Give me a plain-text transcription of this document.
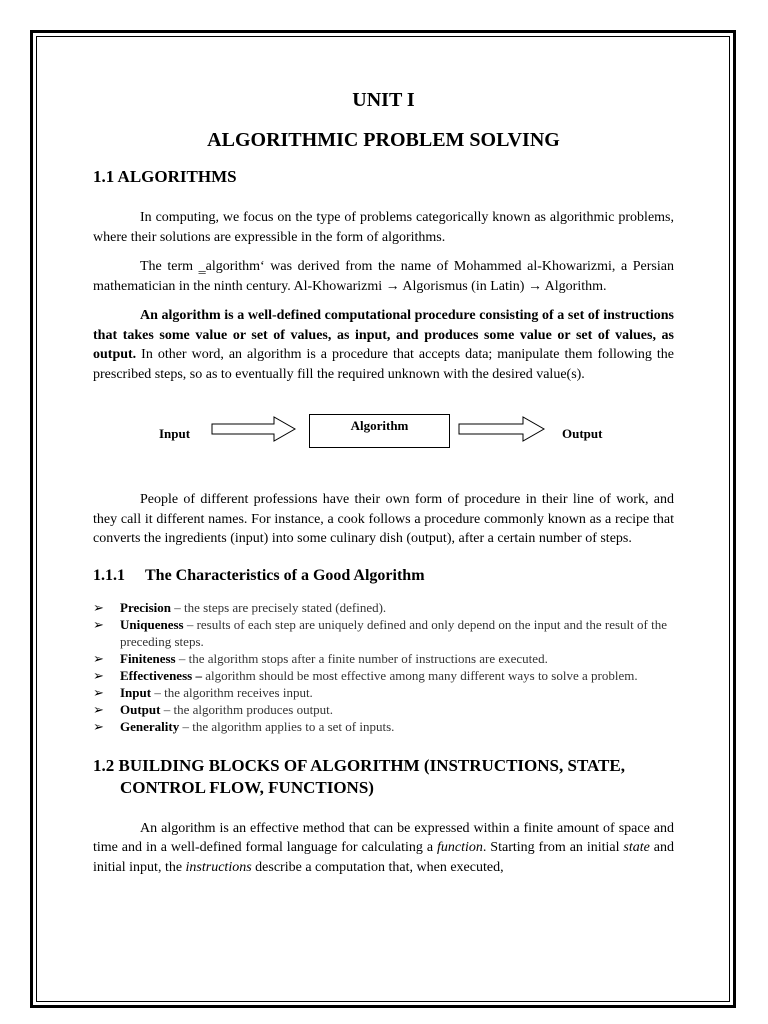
UNIT I
ALGORITHMIC PROBLEM SOLVING
1.1 ALGORITHMS

In computing, we focus on the type of problems categorically known as algorithmic problems, where their solutions are expressible in the form of algorithms.

The term ‗algorithm‘ was derived from the name of Mohammed al-Khowarizmi, a Persian mathematician in the ninth century. Al-Khowarizmi → Algorismus (in Latin) → Algorithm.

An algorithm is a well-defined computational procedure consisting of a set of instructions that takes some value or set of values, as input, and produces some value or set of values, as output. In other word, an algorithm is a procedure that accepts data; manipulate them following the prescribed steps, so as to eventually fill the required unknown with the desired value(s).

Input
Algorithm
Output

People of different professions have their own form of procedure in their line of work, and they call it different names. For instance, a cook follows a procedure commonly known as a recipe that converts the ingredients (input) into some culinary dish (output), after a certain number of steps.

1.1.1 The Characteristics of a Good Algorithm
➢ Precision – the steps are precisely stated (defined).
➢ Uniqueness – results of each step are uniquely defined and only depend on the input and the result of the preceding steps.
➢ Finiteness – the algorithm stops after a finite number of instructions are executed.
➢ Effectiveness – algorithm should be most effective among many different ways to solve a problem.
➢ Input – the algorithm receives input.
➢ Output – the algorithm produces output.
➢ Generality – the algorithm applies to a set of inputs.
1.2 BUILDING BLOCKS OF ALGORITHM (INSTRUCTIONS, STATE,
CONTROL FLOW, FUNCTIONS)

An algorithm is an effective method that can be expressed within a finite amount of space and time and in a well-defined formal language for calculating a function. Starting from an initial state and initial input, the instructions describe a computation that, when executed,
